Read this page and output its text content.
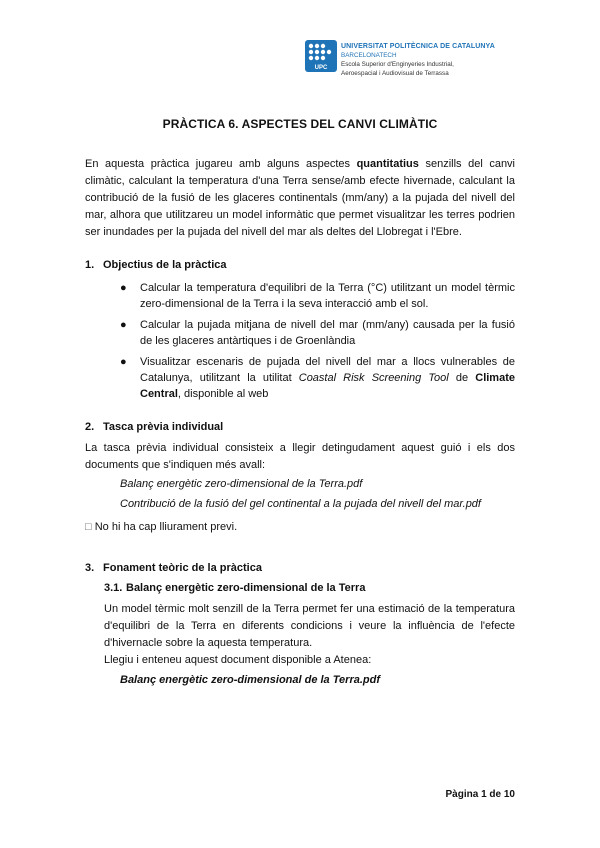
UPC
UNIVERSITAT POLITÈCNICA DE CATALUNYA
BARCELONATECH
Escola Superior d'Enginyeries Industrial,
Aeroespacial i Audiovisual de Terrassa
PRÀCTICA 6. ASPECTES DEL CANVI CLIMÀTIC
En aquesta pràctica jugareu amb alguns aspectes quantitatius senzills del canvi climàtic, calculant la temperatura d'una Terra sense/amb efecte hivernade, calculant la contribució de la fusió de les glaceres continentals (mm/any) a la pujada del nivell del mar, alhora que utilitzareu un model informàtic que permet visualitzar les terres podrien ser inundades per la pujada del nivell del mar als deltes del Llobregat i l'Ebre.
1. Objectius de la pràctica
● Calcular la temperatura d'equilibri de la Terra (°C) utilitzant un model tèrmic zero-dimensional de la Terra i la seva interacció amb el sol.
● Calcular la pujada mitjana de nivell del mar (mm/any) causada per la fusió de les glaceres antàrtiques i de Groenlàndia
● Visualitzar escenaris de pujada del nivell del mar a llocs vulnerables de Catalunya, utilitzant la utilitat Coastal Risk Screening Tool de Climate Central, disponible al web
2. Tasca prèvia individual
La tasca prèvia individual consisteix a llegir detingudament aquest guió i els dos documents que s'indiquen més avall:
Balanç energètic zero-dimensional de la Terra.pdf
Contribució de la fusió del gel continental a la pujada del nivell del mar.pdf
□ No hi ha cap lliurament previ.
3. Fonament teòric de la pràctica
3.1. Balanç energètic zero-dimensional de la Terra
Un model tèrmic molt senzill de la Terra permet fer una estimació de la temperatura d'equilibri de la Terra en diferents condicions i veure la influència de l'efecte d'hivernacle sobre la aquesta temperatura.
Llegiu i enteneu aquest document disponible a Atenea:
Balanç energètic zero-dimensional de la Terra.pdf
Pàgina 1 de 10
